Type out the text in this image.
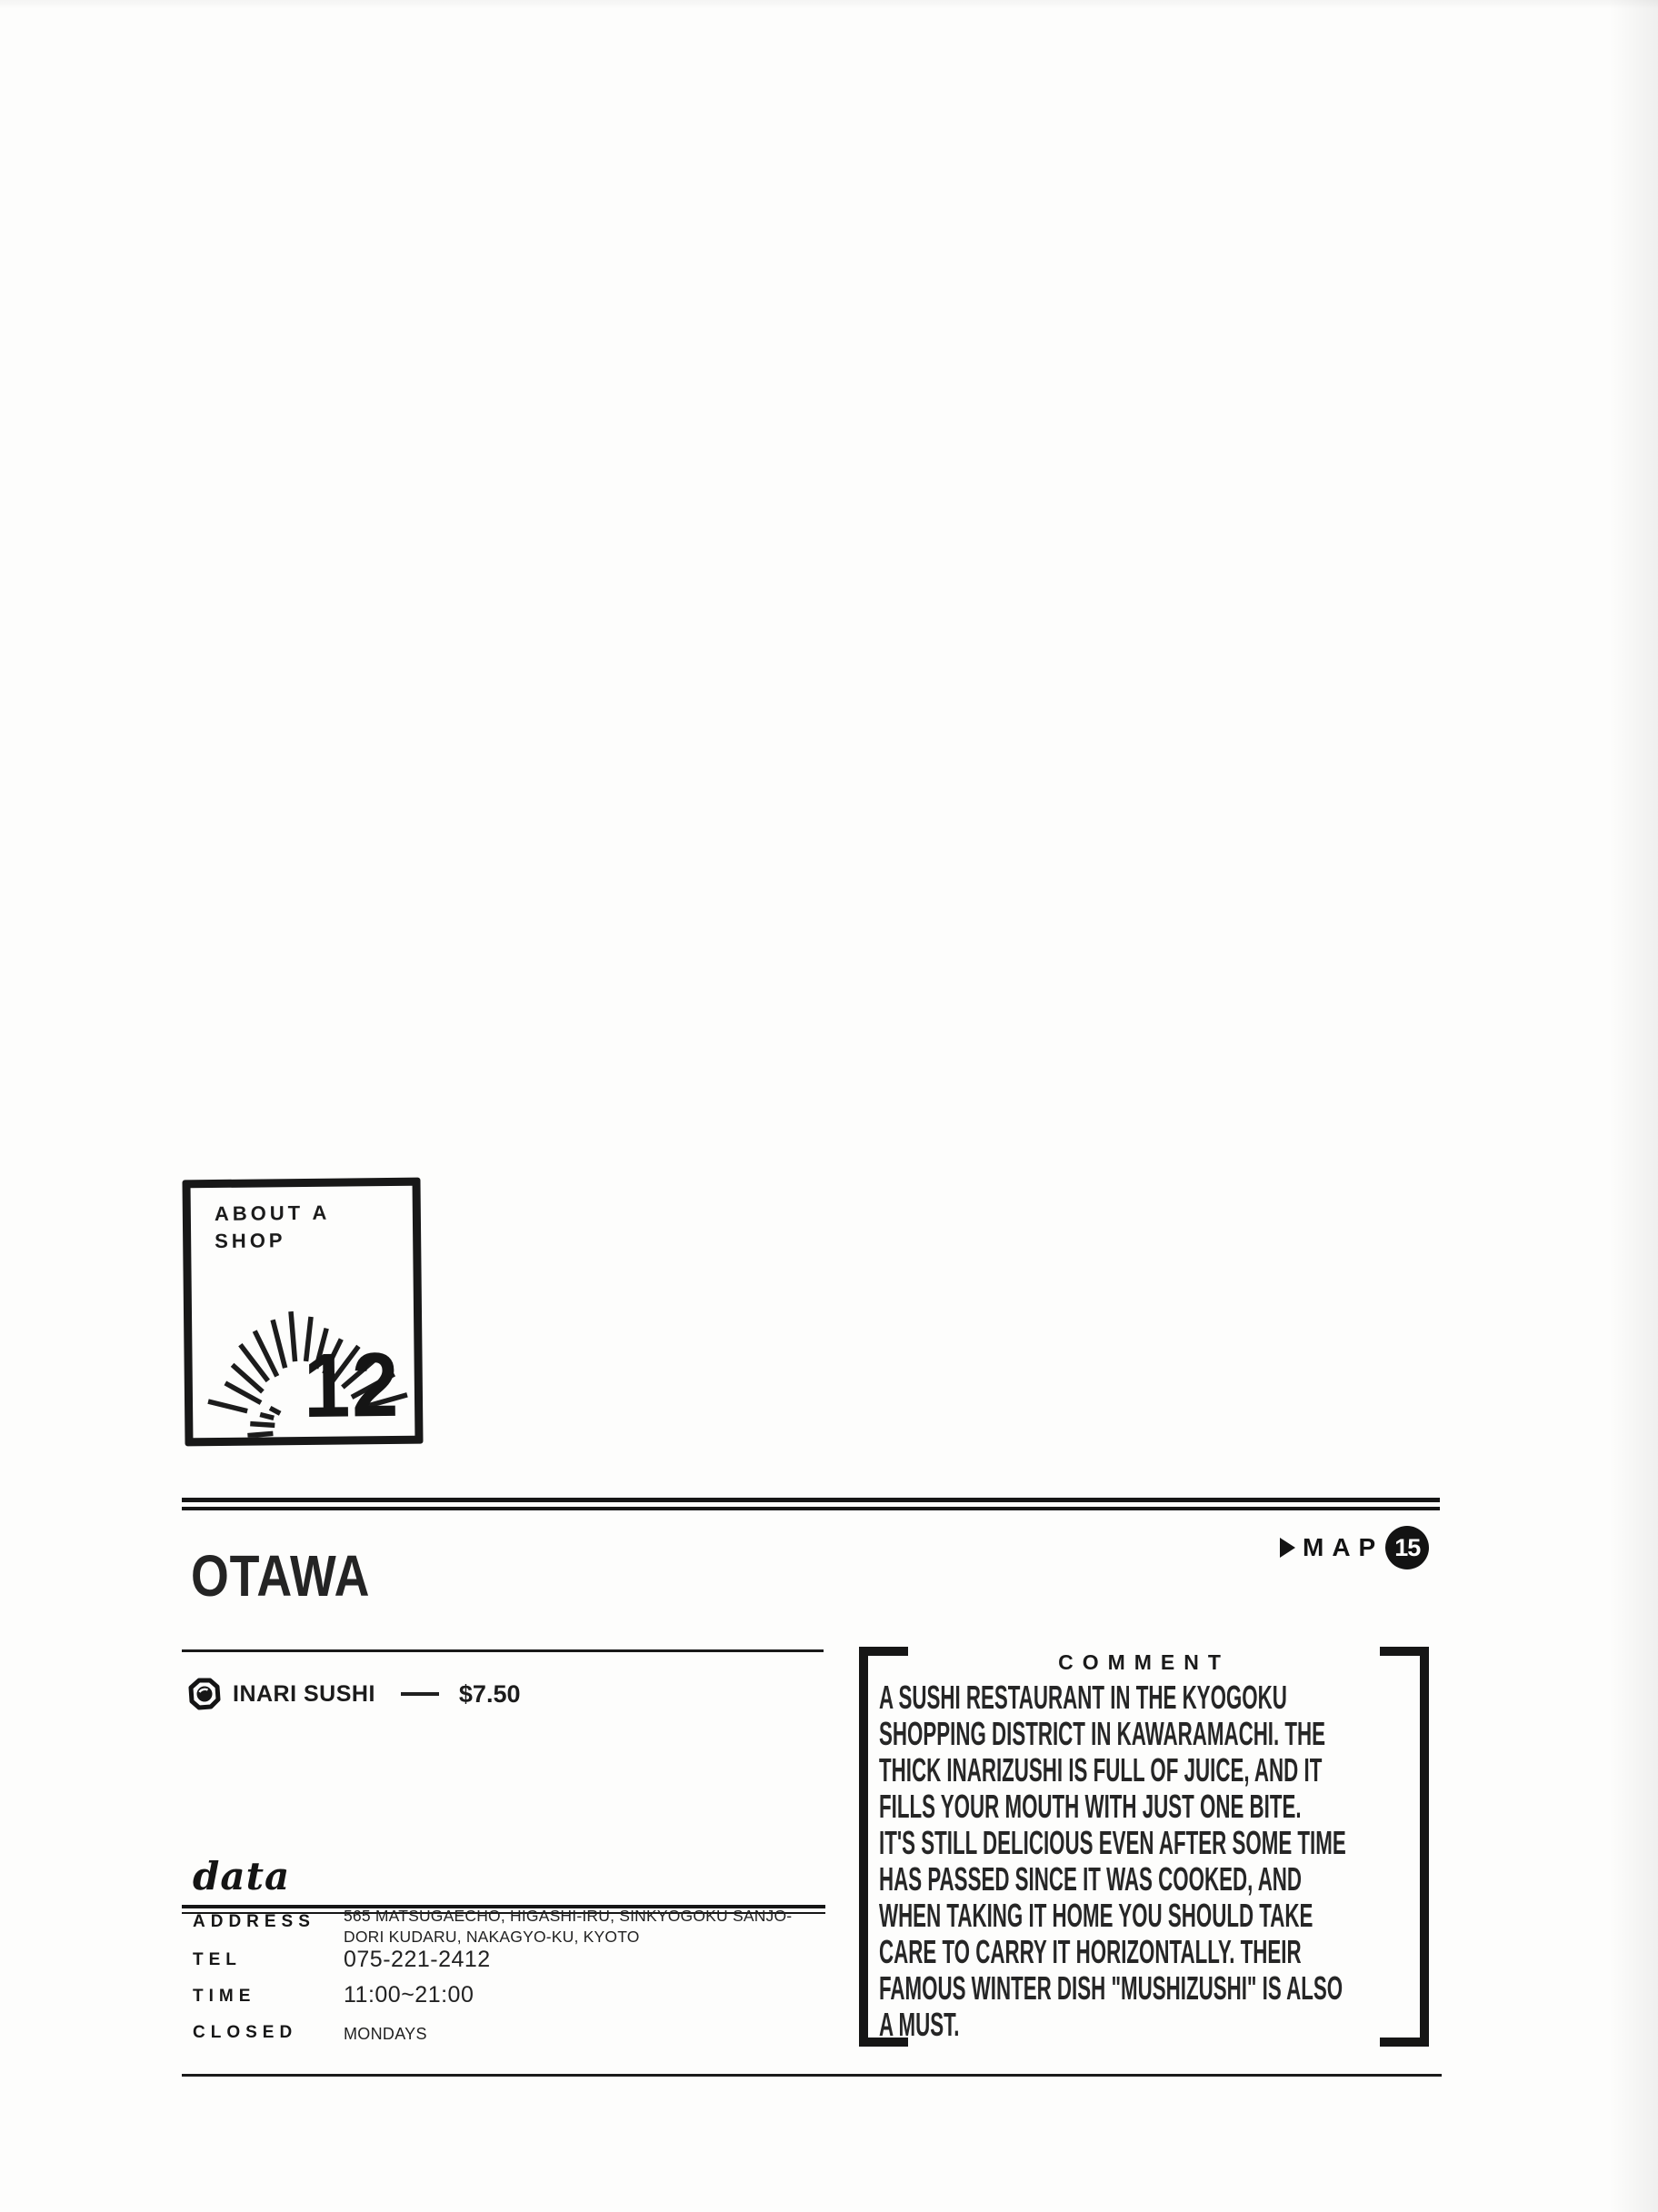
ABOUT A
SHOP
12
MAP 15
OTAWA
INARI SUSHI	$7.50
data
ADDRESS 565 MATSUGAECHO, HIGASHI-IRU, SINKYOGOKU SANJO-DORI KUDARU, NAKAGYO-KU, KYOTO
TEL	075-221-2412
TIME	11:00~21:00
CLOSED	MONDAYS
COMMENT
A SUSHI RESTAURANT IN THE KYOGOKU
SHOPPING DISTRICT IN KAWARAMACHI. THE
THICK INARIZUSHI IS FULL OF JUICE, AND IT
FILLS YOUR MOUTH WITH JUST ONE BITE.
IT'S STILL DELICIOUS EVEN AFTER SOME TIME
HAS PASSED SINCE IT WAS COOKED, AND
WHEN TAKING IT HOME YOU SHOULD TAKE
CARE TO CARRY IT HORIZONTALLY. THEIR
FAMOUS WINTER DISH "MUSHIZUSHI" IS ALSO
A MUST.
